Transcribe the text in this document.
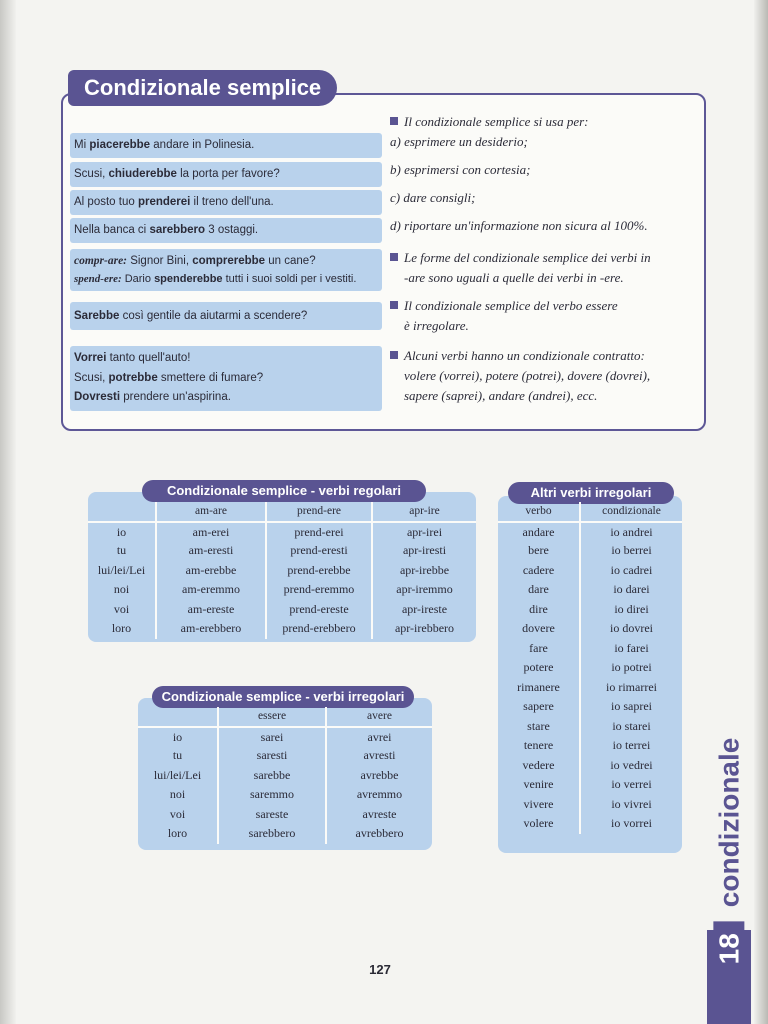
Condizionale semplice
Mi piacerebbe andare in Polinesia.
Scusi, chiuderebbe la porta per favore?
Al posto tuo prenderei il treno dell'una.
Nella banca ci sarebbero 3 ostaggi.
compr-are: Signor Bini, comprerebbe un cane?
spend-ere: Dario spenderebbe tutti i suoi soldi per i vestiti.
Sarebbe così gentile da aiutarmi a scendere?
Vorrei tanto quell'auto!
Scusi, potrebbe smettere di fumare?
Dovresti prendere un'aspirina.
Il condizionale semplice si usa per:
a) esprimere un desiderio;
b) esprimersi con cortesia;
c) dare consigli;
d) riportare un'informazione non sicura al 100%.
Le forme del condizionale semplice dei verbi in
-are sono uguali a quelle dei verbi in -ere.
Il condizionale semplice del verbo essere
è irregolare.
Alcuni verbi hanno un condizionale contratto:
volere (vorrei), potere (potrei), dovere (dovrei),
sapere (saprei), andare (andrei), ecc.
Condizionale semplice - verbi regolari
	am-are	prend-ere	apr-ire
io	am-erei	prend-erei	apr-irei
tu	am-eresti	prend-eresti	apr-iresti
lui/lei/Lei	am-erebbe	prend-erebbe	apr-irebbe
noi	am-eremmo	prend-eremmo	apr-iremmo
voi	am-ereste	prend-ereste	apr-ireste
loro	am-erebbero	prend-erebbero	apr-irebbero
Condizionale semplice - verbi irregolari
	essere	avere
io	sarei	avrei
tu	saresti	avresti
lui/lei/Lei	sarebbe	avrebbe
noi	saremmo	avremmo
voi	sareste	avreste
loro	sarebbero	avrebbero
Altri verbi irregolari
verbo	condizionale
andare	io andrei
bere	io berrei
cadere	io cadrei
dare	io darei
dire	io direi
dovere	io dovrei
fare	io farei
potere	io potrei
rimanere	io rimarrei
sapere	io saprei
stare	io starei
tenere	io terrei
vedere	io vedrei
venire	io verrei
vivere	io vivrei
volere	io vorrei
18condizionale
127
